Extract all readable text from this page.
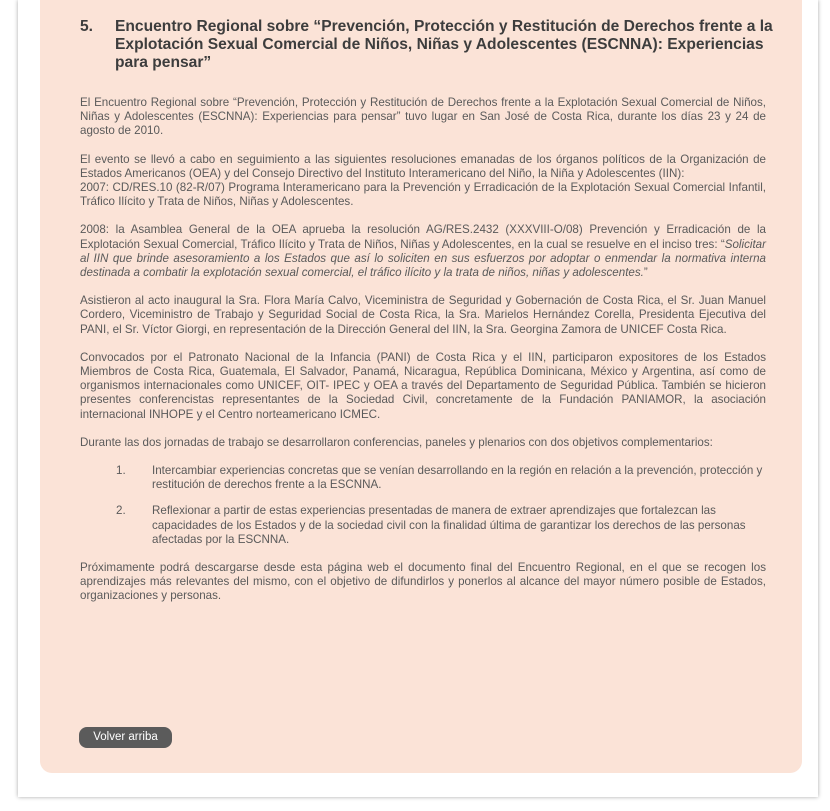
5. Encuentro Regional sobre “Prevención, Protección y Restitución de Derechos frente a la Explotación Sexual Comercial de Niños, Niñas y Adolescentes (ESCNNA): Experiencias para pensar”

El Encuentro Regional sobre “Prevención, Protección y Restitución de Derechos frente a la Explotación Sexual Comercial de Niños, Niñas y Adolescentes (ESCNNA): Experiencias para pensar” tuvo lugar en San José de Costa Rica, durante los días 23 y 24 de agosto de 2010.

El evento se llevó a cabo en seguimiento a las siguientes resoluciones emanadas de los órganos políticos de la Organización de Estados Americanos (OEA) y del Consejo Directivo del Instituto Interamericano del Niño, la Niña y Adolescentes (IIN):
2007: CD/RES.10 (82-R/07) Programa Interamericano para la Prevención y Erradicación de la Explotación Sexual Comercial Infantil, Tráfico Ilícito y Trata de Niños, Niñas y Adolescentes.

2008: la Asamblea General de la OEA aprueba la resolución AG/RES.2432 (XXXVIII-O/08) Prevención y Erradicación de la Explotación Sexual Comercial, Tráfico Ilícito y Trata de Niños, Niñas y Adolescentes, en la cual se resuelve en el inciso tres: “Solicitar al IIN que brinde asesoramiento a los Estados que así lo soliciten en sus esfuerzos por adoptar o enmendar la normativa interna destinada a combatir la explotación sexual comercial, el tráfico ilícito y la trata de niños, niñas y adolescentes.”

Asistieron al acto inaugural la Sra. Flora María Calvo, Viceministra de Seguridad y Gobernación de Costa Rica, el Sr. Juan Manuel Cordero, Viceministro de Trabajo y Seguridad Social de Costa Rica, la Sra. Marielos Hernández Corella, Presidenta Ejecutiva del PANI, el Sr. Víctor Giorgi, en representación de la Dirección General del IIN, la Sra. Georgina Zamora de UNICEF Costa Rica.

Convocados por el Patronato Nacional de la Infancia (PANI) de Costa Rica y el IIN, participaron expositores de los Estados Miembros de Costa Rica, Guatemala, El Salvador, Panamá, Nicaragua, República Dominicana, México y Argentina, así como de organismos internacionales como UNICEF, OIT- IPEC y OEA a través del Departamento de Seguridad Pública. También se hicieron presentes conferencistas representantes de la Sociedad Civil, concretamente de la Fundación PANIAMOR, la asociación internacional INHOPE y el Centro norteamericano ICMEC.

Durante las dos jornadas de trabajo se desarrollaron conferencias, paneles y plenarios con dos objetivos complementarios:

1. Intercambiar experiencias concretas que se venían desarrollando en la región en relación a la prevención, protección y restitución de derechos frente a la ESCNNA.
2. Reflexionar a partir de estas experiencias presentadas de manera de extraer aprendizajes que fortalezcan las capacidades de los Estados y de la sociedad civil con la finalidad última de garantizar los derechos de las personas afectadas por la ESCNNA.

Próximamente podrá descargarse desde esta página web el documento final del Encuentro Regional, en el que se recogen los aprendizajes más relevantes del mismo, con el objetivo de difundirlos y ponerlos al alcance del mayor número posible de Estados, organizaciones y personas.

Volver arriba
